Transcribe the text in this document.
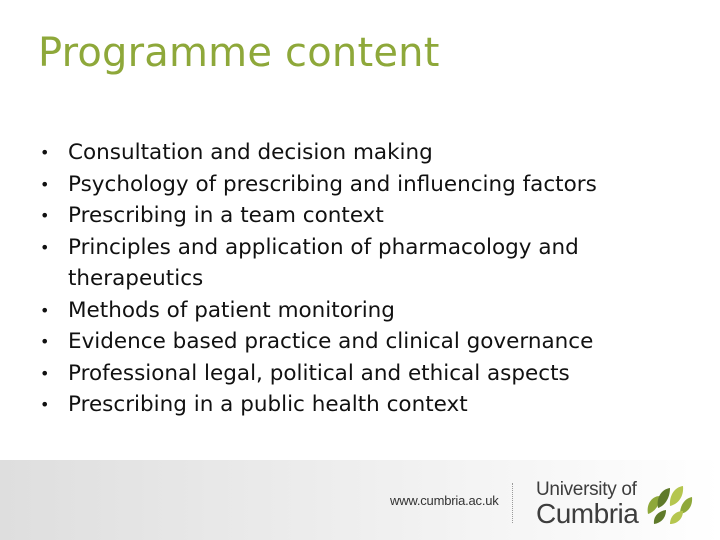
Programme content
• Consultation and decision making
• Psychology of prescribing and influencing factors
• Prescribing in a team context
• Principles and application of pharmacology and therapeutics
• Methods of patient monitoring
• Evidence based practice and clinical governance
• Professional legal, political and ethical aspects
• Prescribing in a public health context
www.cumbria.ac.uk
University of
Cumbria
